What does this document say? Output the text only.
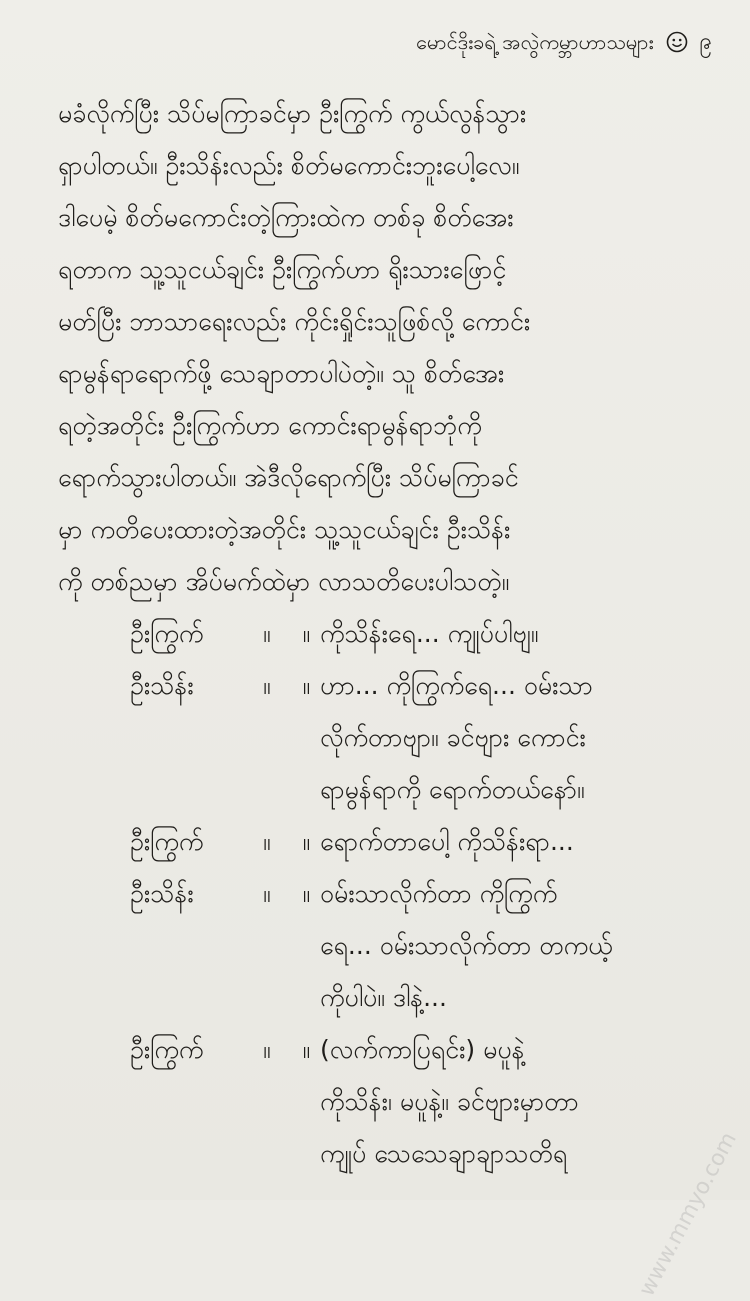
မောင်ဒိုးခရဲ့ အလွဲကမ္ဘာဟာသများ ၉
မခံလိုက်ပြီး သိပ်မကြာခင်မှာ ဦးကြွက် ကွယ်လွန်သွား
ရှာပါတယ်။ ဦးသိန်းလည်း စိတ်မကောင်းဘူးပေါ့လေ။
ဒါပေမဲ့ စိတ်မကောင်းတဲ့ကြားထဲက တစ်ခု စိတ်အေး
ရတာက သူ့သူငယ်ချင်း ဦးကြွက်ဟာ ရိုးသားဖြောင့်
မတ်ပြီး ဘာသာရေးလည်း ကိုင်းရှိုင်းသူဖြစ်လို့ ကောင်း
ရာမွန်ရာရောက်ဖို့ သေချာတာပါပဲတဲ့။ သူ စိတ်အေး
ရတဲ့အတိုင်း ဦးကြွက်ဟာ ကောင်းရာမွန်ရာဘုံကို
ရောက်သွားပါတယ်။ အဲဒီလိုရောက်ပြီး သိပ်မကြာခင်
မှာ ကတိပေးထားတဲ့အတိုင်း သူ့သူငယ်ချင်း ဦးသိန်း
ကို တစ်ညမှာ အိပ်မက်ထဲမှာ လာသတိပေးပါသတဲ့။
ဦးကြွက် ။ ။
ကိုသိန်းရေ... ကျုပ်ပါဗျ။
ဦးသိန်း	။ ။
ဟာ... ကိုကြွက်ရေ... ဝမ်းသာ
လိုက်တာဗျာ။ ခင်ဗျား ကောင်း
ရာမွန်ရာကို ရောက်တယ်နော်။
ဦးကြွက် ။ ။
ရောက်တာပေါ့ ကိုသိန်းရာ...
ဦးသိန်း	။ ။
ဝမ်းသာလိုက်တာ ကိုကြွက်
ရေ... ဝမ်းသာလိုက်တာ တကယ့်
ကိုပါပဲ။ ဒါနဲ့...
ဦးကြွက် ။ ။
(လက်ကာပြရင်း) မပူနဲ့
ကိုသိန်း၊ မပူနဲ့။ ခင်ဗျားမှာတာ
ကျုပ် သေသေချာချာသတိရ	www.mmyo.com
